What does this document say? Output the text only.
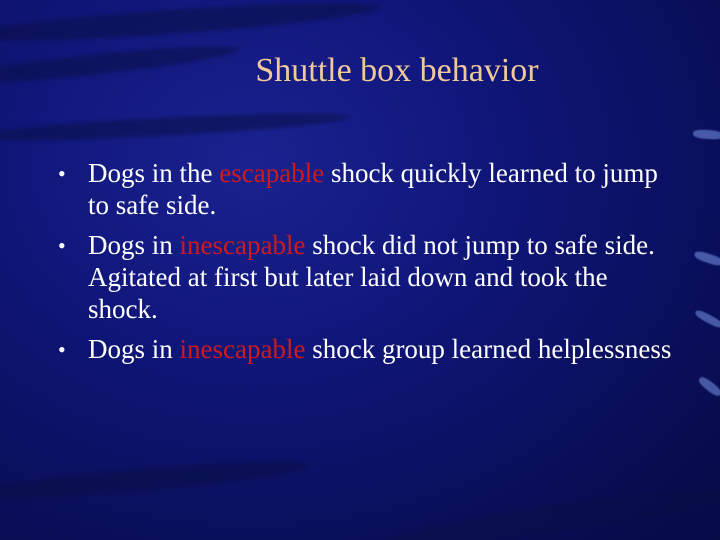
Shuttle box behavior
• Dogs in the escapable shock quickly learned to jump to safe side.
• Dogs in inescapable shock did not jump to safe side. Agitated at first but later laid down and took the shock.
• Dogs in inescapable shock group learned helplessness
